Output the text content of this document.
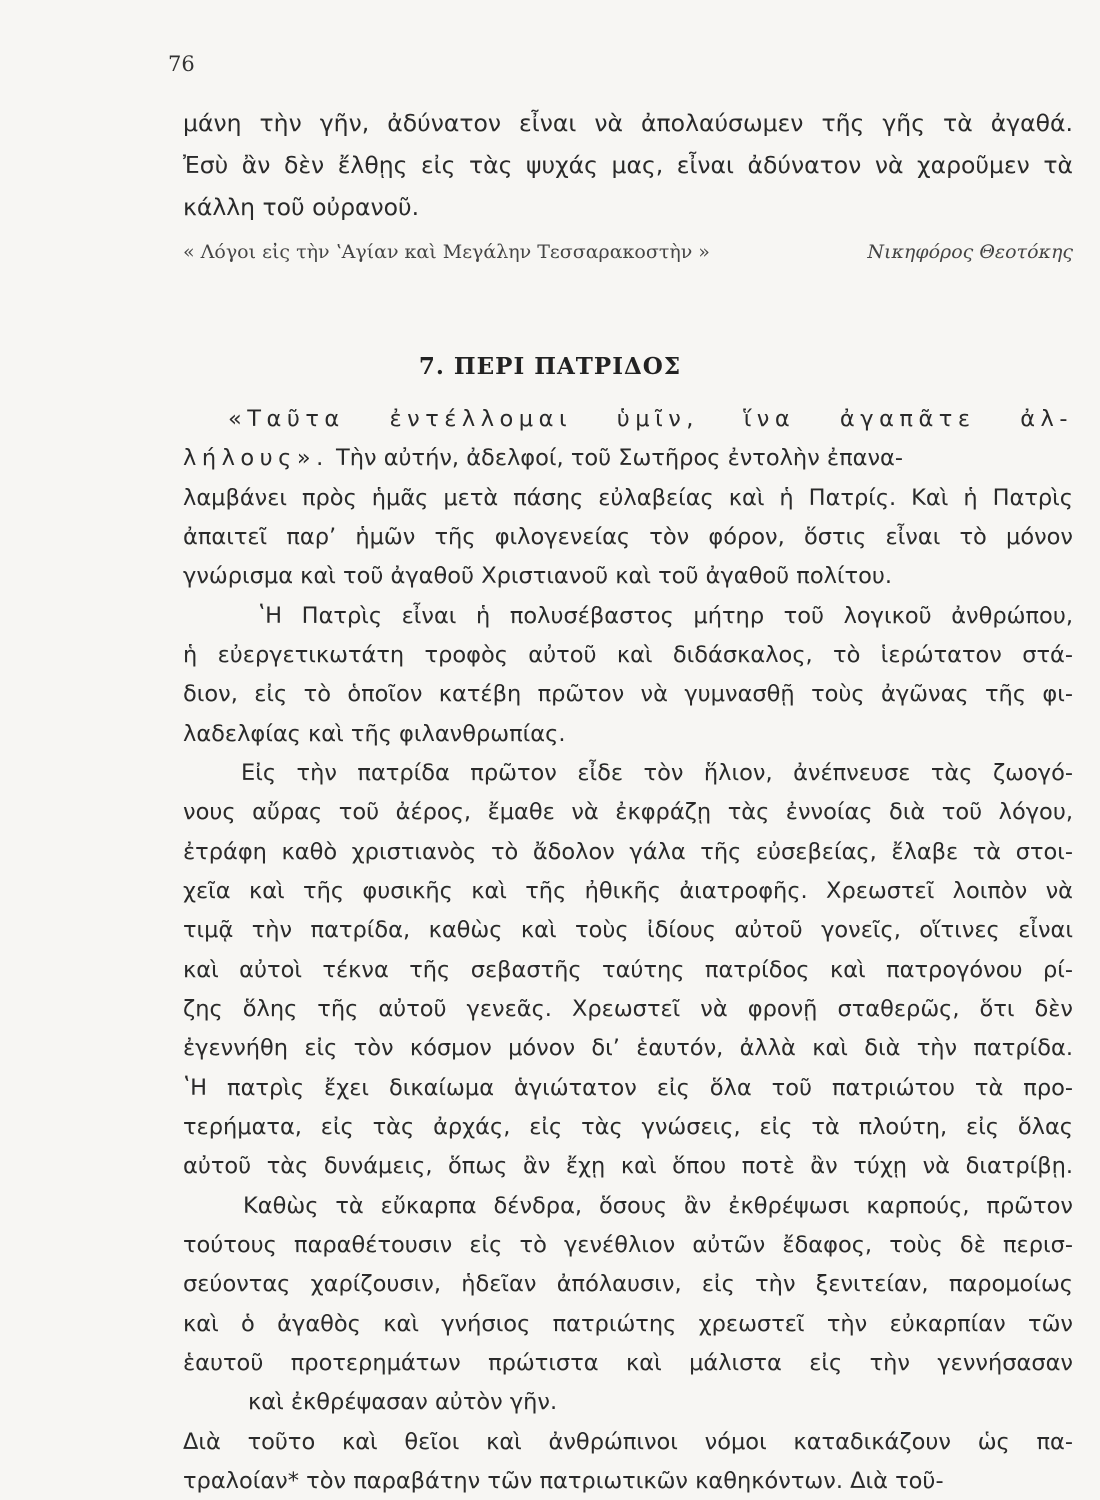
76
μάνη τὴν γῆν, ἀδύνατον εἶναι νὰ ἀπολαύσωμεν τῆς γῆς τὰ ἀγαθά.
Ἐσὺ ἂν δὲν ἔλθῃς εἰς τὰς ψυχάς μας, εἶναι ἀδύνατον νὰ χαροῦμεν τὰ
κάλλη τοῦ οὐρανοῦ.
« Λόγοι εἰς τὴν ʽΑγίαν καὶ Μεγάλην Τεσσαρακοστὴν »	Νικηφόρος Θεοτόκης
7. ΠΕΡΙ ΠΑΤΡΙΔΟΣ
«Ταῦτα ἐντέλλομαι ὑμῖν, ἵνα ἀγαπᾶτε ἀλ-
λήλους». Τὴν αὐτήν, ἀδελφοί, τοῦ Σωτῆρος ἐντολὴν ἐπανα-
λαμβάνει πρὸς ἡμᾶς μετὰ πάσης εὐλαβείας καὶ ἡ Πατρίς. Καὶ ἡ Πατρὶς
ἀπαιτεῖ παρ’ ἡμῶν τῆς φιλογενείας τὸν φόρον, ὅστις εἶναι τὸ μόνον
γνώρισμα καὶ τοῦ ἀγαθοῦ Χριστιανοῦ καὶ τοῦ ἀγαθοῦ πολίτου.
ʽΗ Πατρὶς εἶναι ἡ πολυσέβαστος μήτηρ τοῦ λογικοῦ ἀνθρώπου,
ἡ εὐεργετικωτάτη τροφὸς αὐτοῦ καὶ διδάσκαλος, τὸ ἱερώτατον στά-
διον, εἰς τὸ ὁποῖον κατέβη πρῶτον νὰ γυμνασθῇ τοὺς ἀγῶνας τῆς φι-
λαδελφίας καὶ τῆς φιλανθρωπίας.
Εἰς τὴν πατρίδα πρῶτον εἶδε τὸν ἥλιον, ἀνέπνευσε τὰς ζωογό-
νους αὔρας τοῦ ἀέρος, ἔμαθε νὰ ἐκφράζῃ τὰς ἐννοίας διὰ τοῦ λόγου,
ἐτράφη καθὸ χριστιανὸς τὸ ἄδολον γάλα τῆς εὐσεβείας, ἔλαβε τὰ στοι-
χεῖα καὶ τῆς φυσικῆς καὶ τῆς ἠθικῆς ἀιατροφῆς. Χρεωστεῖ λοιπὸν νὰ
τιμᾷ τὴν πατρίδα, καθὼς καὶ τοὺς ἰδίους αὐτοῦ γονεῖς, οἵτινες εἶναι
καὶ αὐτοὶ τέκνα τῆς σεβαστῆς ταύτης πατρίδος καὶ πατρογόνου ρί-
ζης ὅλης τῆς αὐτοῦ γενεᾶς. Χρεωστεῖ νὰ φρονῇ σταθερῶς, ὅτι δὲν
ἐγεννήθη εἰς τὸν κόσμον μόνον δι’ ἑαυτόν, ἀλλὰ καὶ διὰ τὴν πατρίδα.
ʽΗ πατρὶς ἔχει δικαίωμα ἁγιώτατον εἰς ὅλα τοῦ πατριώτου τὰ προ-
τερήματα, εἰς τὰς ἀρχάς, εἰς τὰς γνώσεις, εἰς τὰ πλούτη, εἰς ὅλας
αὐτοῦ τὰς δυνάμεις, ὅπως ἂν ἔχῃ καὶ ὅπου ποτὲ ἂν τύχῃ νὰ διατρίβῃ.
Καθὼς τὰ εὔκαρπα δένδρα, ὅσους ἂν ἐκθρέψωσι καρπούς, πρῶτον
τούτους παραθέτουσιν εἰς τὸ γενέθλιον αὐτῶν ἔδαφος, τοὺς δὲ περισ-
σεύοντας χαρίζουσιν, ἡδεῖαν ἀπόλαυσιν, εἰς τὴν ξενιτείαν, παρομοίως
καὶ ὁ ἀγαθὸς καὶ γνήσιος πατριώτης χρεωστεῖ τὴν εὐκαρπίαν τῶν
ἑαυτοῦ προτερημάτων πρώτιστα καὶ μάλιστα εἰς τὴν γεννήσασαν
καὶ ἐκθρέψασαν αὐτὸν γῆν.
Διὰ τοῦτο καὶ θεῖοι καὶ ἀνθρώπινοι νόμοι καταδικάζουν ὡς πα-
τραλοίαν* τὸν παραβάτην τῶν πατριωτικῶν καθηκόντων. Διὰ τοῦ-
